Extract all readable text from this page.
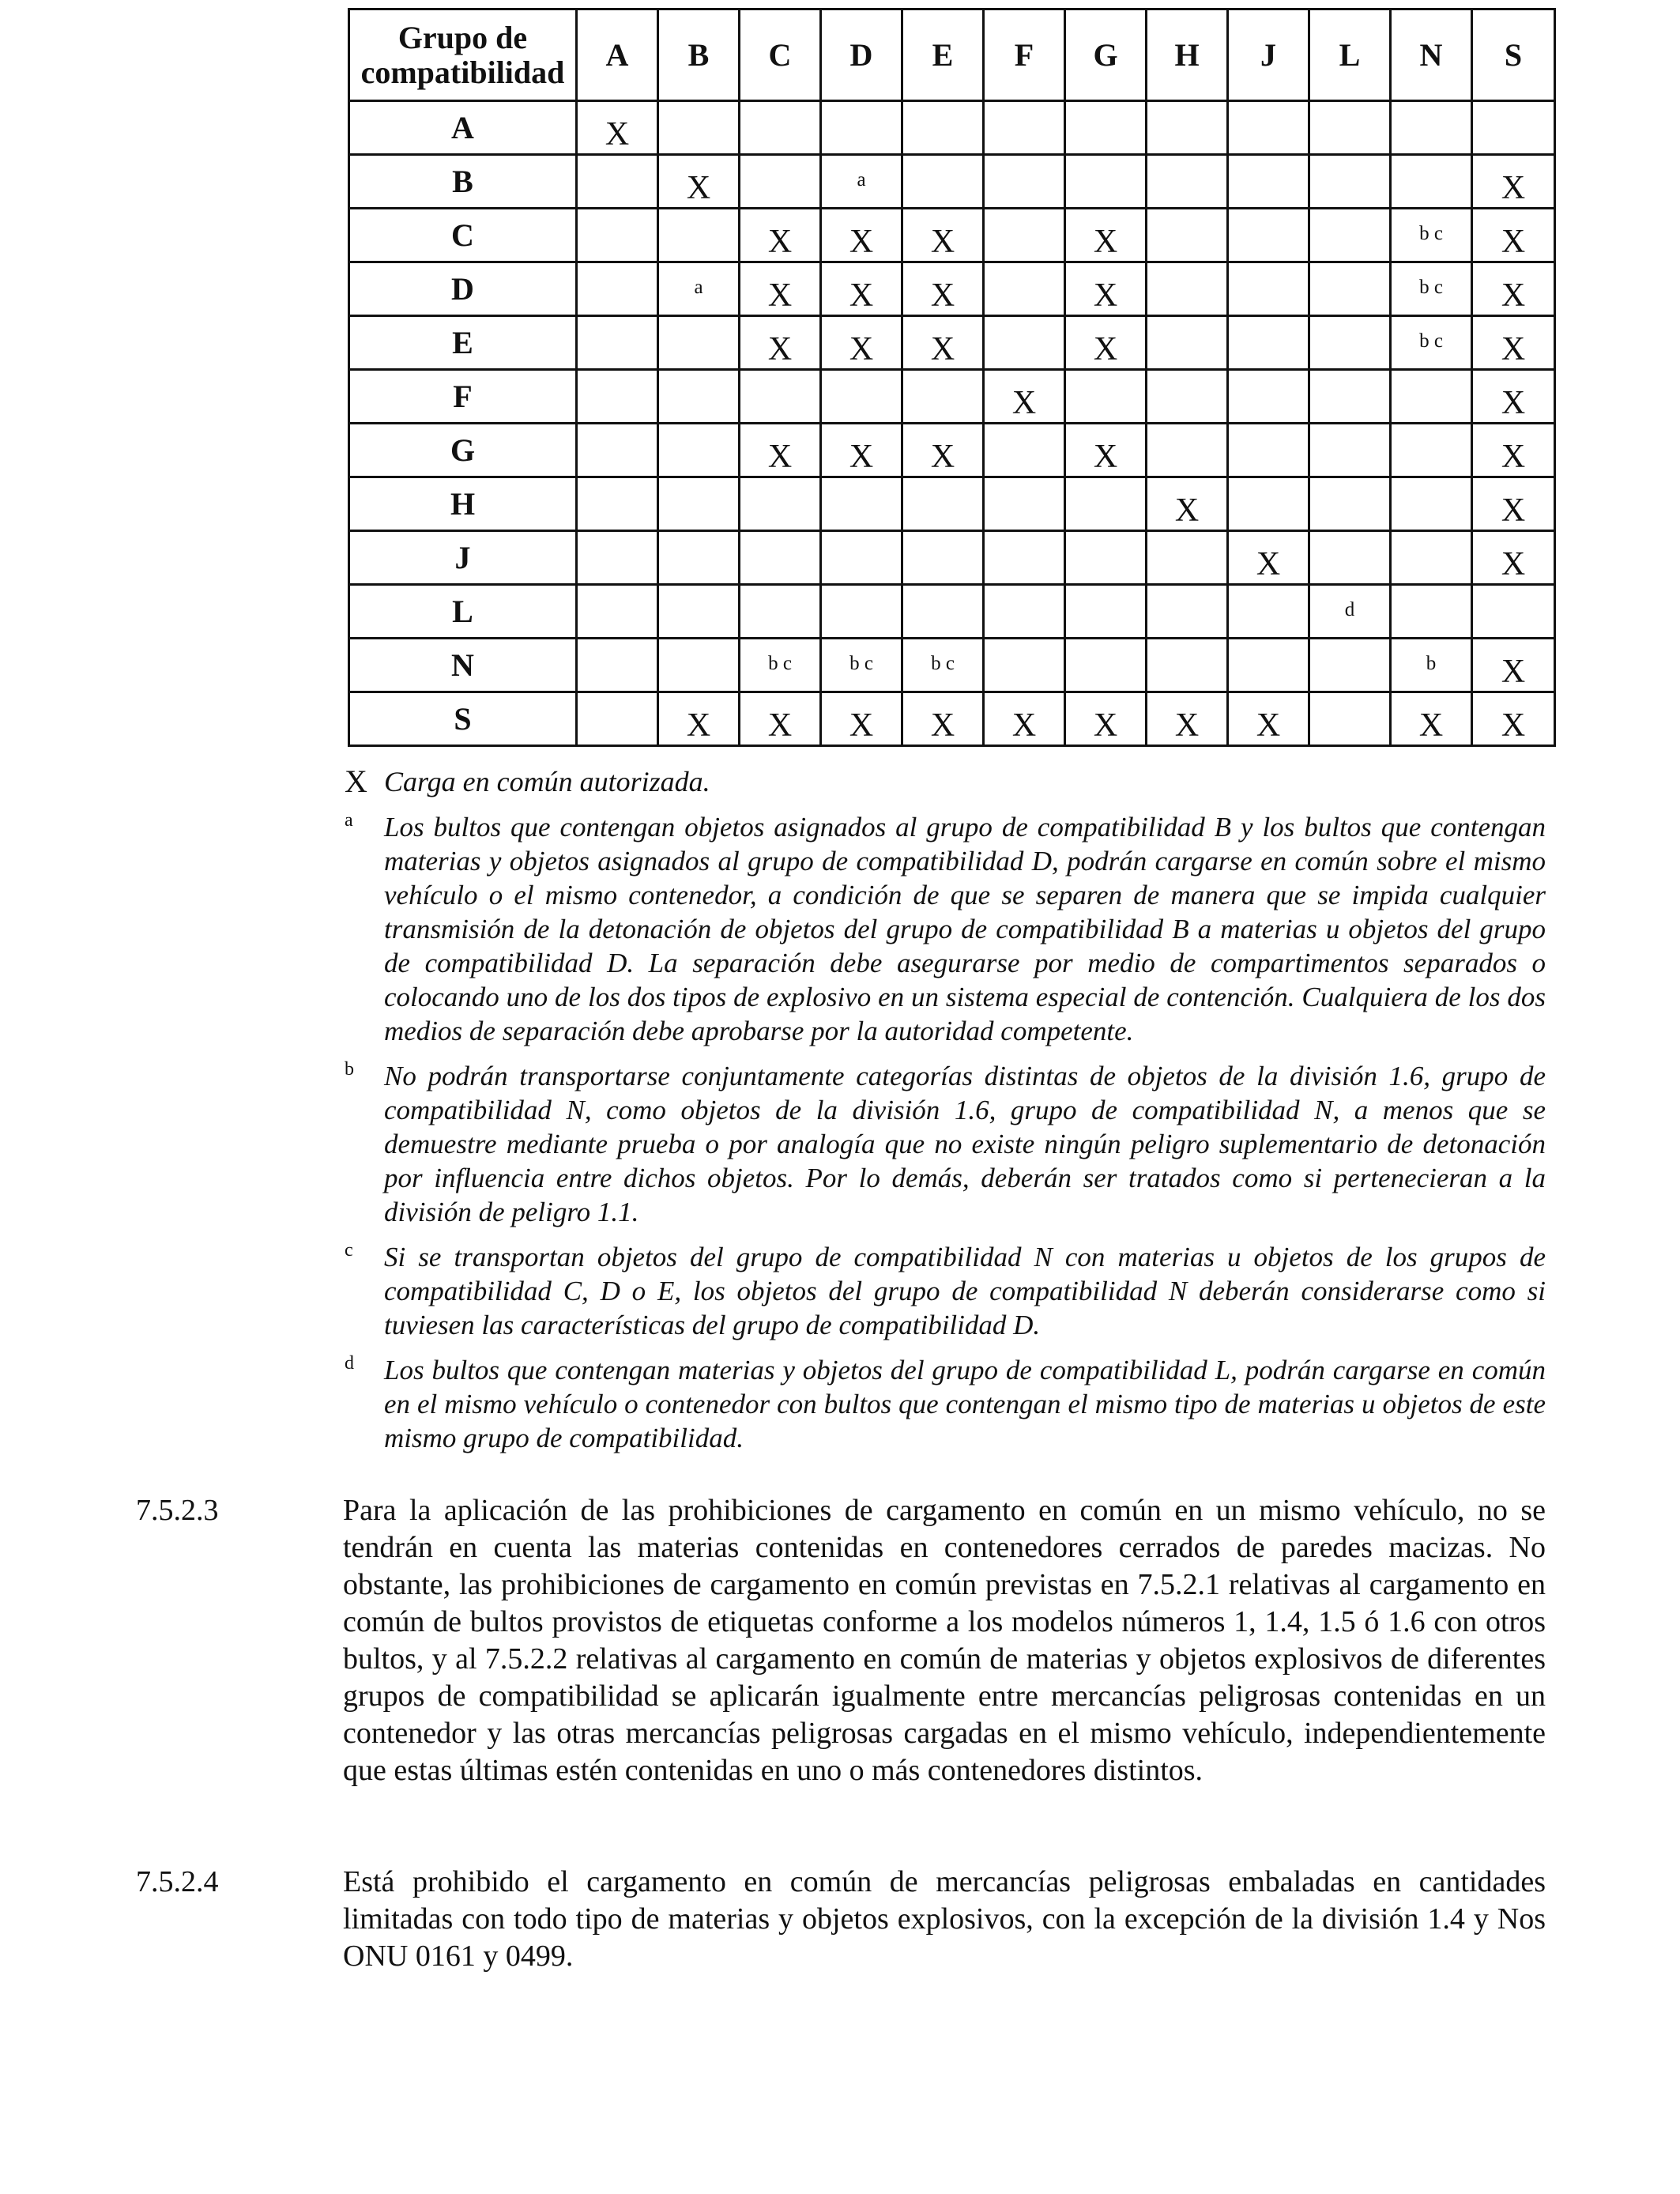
Grupo de compatibilidad	A	B	C	D	E	F	G	H	J	L	N	S
A	X											
B		X		a								X
C			X	X	X		X				b c	X
D		a	X	X	X		X				b c	X
E			X	X	X		X				b c	X
F						X						X
G			X	X	X		X					X
H								X				X
J									X			X
L										d		
N			b c	b c	b c						b	X
S		X	X	X	X	X	X	X	X		X	X
X Carga en común autorizada.
a Los bultos que contengan objetos asignados al grupo de compatibilidad B y los bultos que contengan materias y objetos asignados al grupo de compatibilidad D, podrán cargarse en común sobre el mismo vehículo o el mismo contenedor, a condición de que se separen de manera que se impida cualquier transmisión de la detonación de objetos del grupo de compatibilidad B a materias u objetos del grupo de compatibilidad D. La separación debe asegurarse por medio de compartimentos separados o colocando uno de los dos tipos de explosivo en un sistema especial de contención. Cualquiera de los dos medios de separación debe aprobarse por la autoridad competente.
b No podrán transportarse conjuntamente categorías distintas de objetos de la división 1.6, grupo de compatibilidad N, como objetos de la división 1.6, grupo de compatibilidad N, a menos que se demuestre mediante prueba o por analogía que no existe ningún peligro suplementario de detonación por influencia entre dichos objetos. Por lo demás, deberán ser tratados como si pertenecieran a la división de peligro 1.1.
c Si se transportan objetos del grupo de compatibilidad N con materias u objetos de los grupos de compatibilidad C, D o E, los objetos del grupo de compatibilidad N deberán considerarse como si tuviesen las características del grupo de compatibilidad D.
d Los bultos que contengan materias y objetos del grupo de compatibilidad L, podrán cargarse en común en el mismo vehículo o contenedor con bultos que contengan el mismo tipo de materias u objetos de este mismo grupo de compatibilidad.
7.5.2.3	Para la aplicación de las prohibiciones de cargamento en común en un mismo vehículo, no se tendrán en cuenta las materias contenidas en contenedores cerrados de paredes macizas. No obstante, las prohibiciones de cargamento en común previstas en 7.5.2.1 relativas al cargamento en común de bultos provistos de etiquetas conforme a los modelos números 1, 1.4, 1.5 ó 1.6 con otros bultos, y al 7.5.2.2 relativas al cargamento en común de materias y objetos explosivos de diferentes grupos de compatibilidad se aplicarán igualmente entre mercancías peligrosas contenidas en un contenedor y las otras mercancías peligrosas cargadas en el mismo vehículo, independientemente que estas últimas estén contenidas en uno o más contenedores distintos.
7.5.2.4	Está prohibido el cargamento en común de mercancías peligrosas embaladas en cantidades limitadas con todo tipo de materias y objetos explosivos, con la excepción de la división 1.4 y Nos ONU 0161 y 0499.
